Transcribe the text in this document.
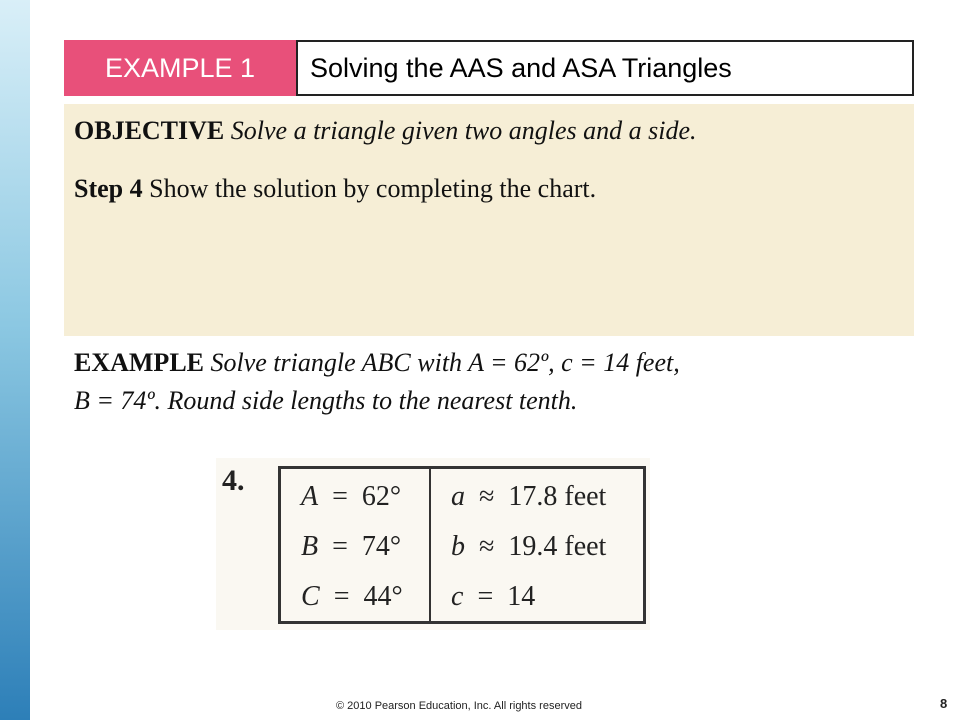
EXAMPLE 1 Solving the AAS and ASA Triangles
OBJECTIVE Solve a triangle given two angles and a side.
Step 4 Show the solution by completing the chart.
EXAMPLE Solve triangle ABC with A = 62º, c = 14 feet,
B = 74º. Round side lengths to the nearest tenth.
4. A = 62° a ≈ 17.8 feet
B = 74° b ≈ 19.4 feet
C = 44° c = 14
© 2010 Pearson Education, Inc. All rights reserved	8
